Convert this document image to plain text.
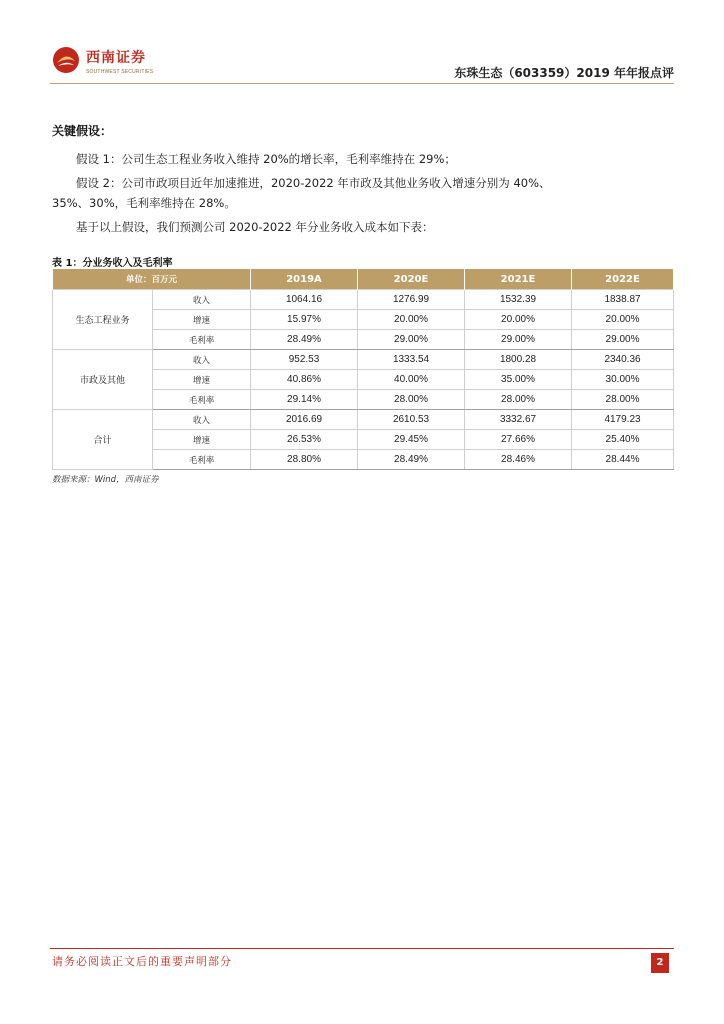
西南证券
SOUTHWEST SECURITIES	东珠生态（603359）2019 年年报点评
关键假设：

假设 1：公司生态工程业务收入维持 20%的增长率，毛利率维持在 29%；

假设 2：公司市政项目近年加速推进，2020-2022 年市政及其他业务收入增速分别为 40%、

35%、30%，毛利率维持在 28%。

基于以上假设，我们预测公司 2020-2022 年分业务收入成本如下表：

表 1：分业务收入及毛利率
单位：百万元		2019A	2020E	2021E	2022E
生态工程业务	收入	1064.16	1276.99	1532.39	1838.87
	增速	15.97%	20.00%	20.00%	20.00%
	毛利率	28.49%	29.00%	29.00%	29.00%
市政及其他	收入	952.53	1333.54	1800.28	2340.36
	增速	40.86%	40.00%	35.00%	30.00%
	毛利率	29.14%	28.00%	28.00%	28.00%
合计	收入	2016.69	2610.53	3332.67	4179.23
	增速	26.53%	29.45%	27.66%	25.40%
	毛利率	28.80%	28.49%	28.46%	28.44%
数据来源：Wind，西南证券
请务必阅读正文后的重要声明部分	2
